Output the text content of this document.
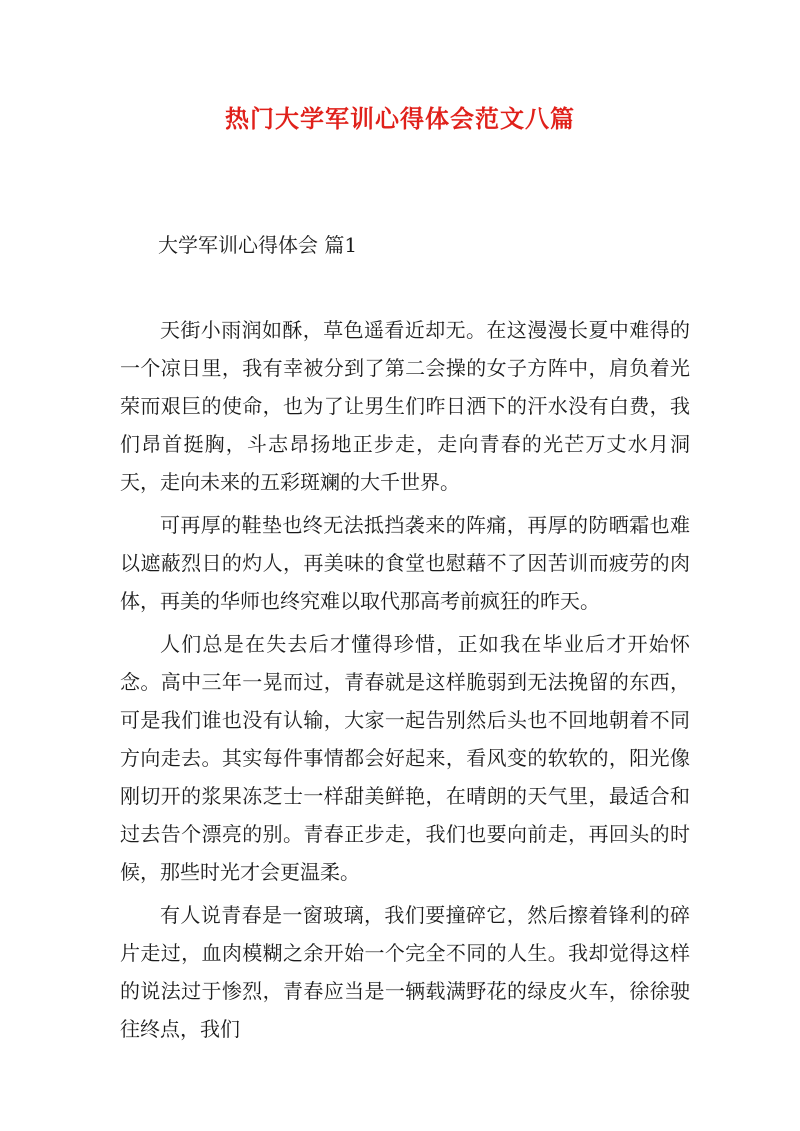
热门大学军训心得体会范文八篇
大学军训心得体会 篇1

天街小雨润如酥，草色遥看近却无。在这漫漫长夏中难得的一个凉日里，我有幸被分到了第二会操的女子方阵中，肩负着光荣而艰巨的使命，也为了让男生们昨日洒下的汗水没有白费，我们昂首挺胸，斗志昂扬地正步走，走向青春的光芒万丈水月洞天，走向未来的五彩斑斓的大千世界。

可再厚的鞋垫也终无法抵挡袭来的阵痛，再厚的防晒霜也难以遮蔽烈日的灼人，再美味的食堂也慰藉不了因苦训而疲劳的肉体，再美的华师也终究难以取代那高考前疯狂的昨天。

人们总是在失去后才懂得珍惜，正如我在毕业后才开始怀念。高中三年一晃而过，青春就是这样脆弱到无法挽留的东西，可是我们谁也没有认输，大家一起告别然后头也不回地朝着不同方向走去。其实每件事情都会好起来，看风变的软软的，阳光像刚切开的浆果冻芝士一样甜美鲜艳，在晴朗的天气里，最适合和过去告个漂亮的别。青春正步走，我们也要向前走，再回头的时候，那些时光才会更温柔。

有人说青春是一窗玻璃，我们要撞碎它，然后擦着锋利的碎片走过，血肉模糊之余开始一个完全不同的人生。我却觉得这样的说法过于惨烈，青春应当是一辆载满野花的绿皮火车，徐徐驶往终点，我们
